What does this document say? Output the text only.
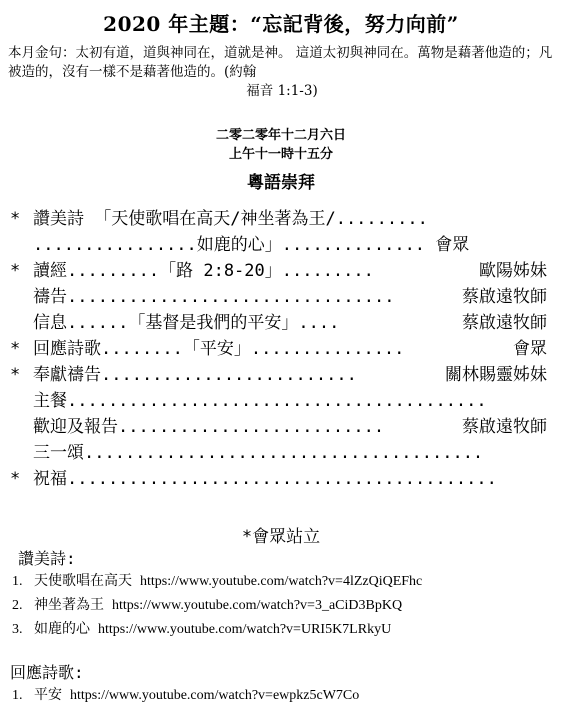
2020 年主題：“忘記背後，努力向前”
本月金句：太初有道，道與神同在，道就是神。 這道太初與神同在。萬物是藉著他造的；凡被造的，沒有一樣不是藉著他造的。(約翰
福音 1:1-3)
二零二零年十二月六日
上午十一時十五分
粵語崇拜
* 讚美詩 「天使歌唱在高天/神坐著為王/.........
................如鹿的心」.............. 會眾
* 讀經.........「路 2:8-20」.........	歐陽姊妹
禱告................................	蔡啟遠牧師
信息......「基督是我們的平安」....	蔡啟遠牧師
* 回應詩歌........「平安」...............	會眾
* 奉獻禱告.........................	關林賜靈姊妹
主餐.........................................
歡迎及報告..........................	蔡啟遠牧師
三一頌.......................................
* 祝福..........................................
*會眾站立
讚美詩:
1. 天使歌唱在高天 https://www.youtube.com/watch?v=4lZzQiQEFhc
2. 神坐著為王 https://www.youtube.com/watch?v=3_aCiD3BpKQ
3. 如鹿的心 https://www.youtube.com/watch?v=URI5K7LRkyU
回應詩歌:
1. 平安 https://www.youtube.com/watch?v=ewpkz5cW7Co
